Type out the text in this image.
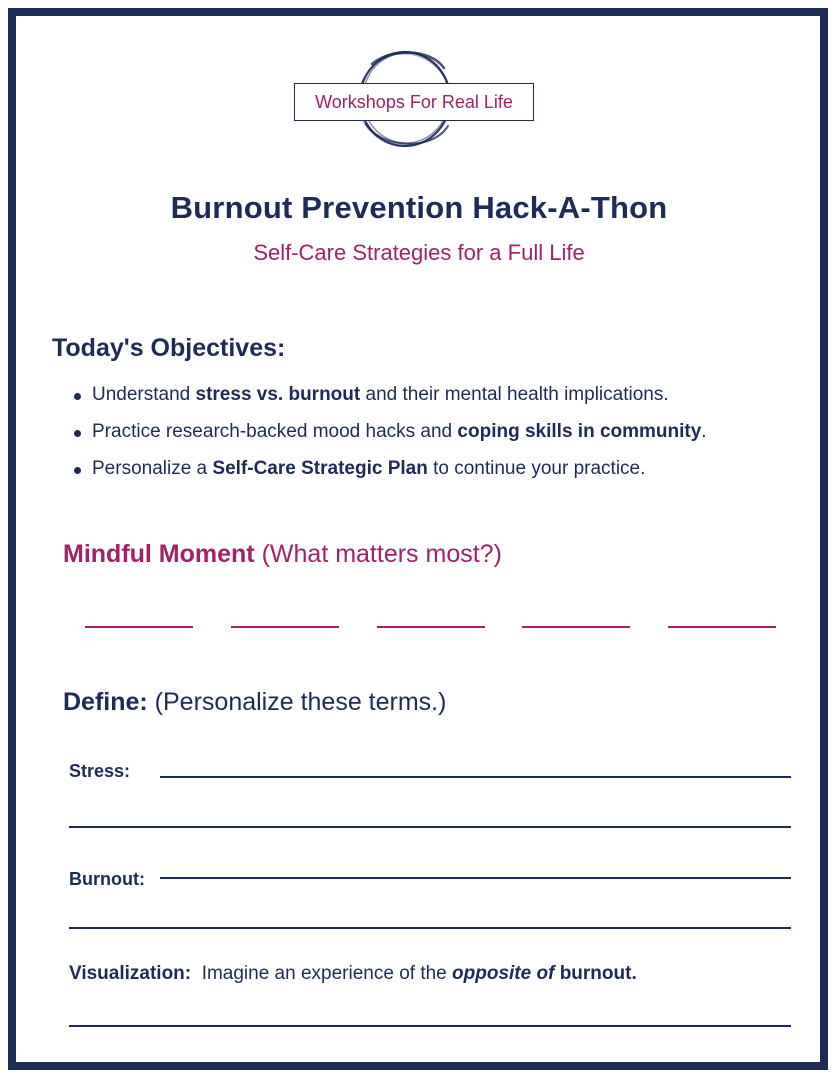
Workshops For Real Life
Burnout Prevention Hack-A-Thon
Self-Care Strategies for a Full Life
Today's Objectives:
Understand stress vs. burnout and their mental health implications.
Practice research-backed mood hacks and coping skills in community.
Personalize a Self-Care Strategic Plan to continue your practice.
Mindful Moment (What matters most?)
Define: (Personalize these terms.)
Stress:
Burnout:
Visualization: Imagine an experience of the opposite of burnout.
